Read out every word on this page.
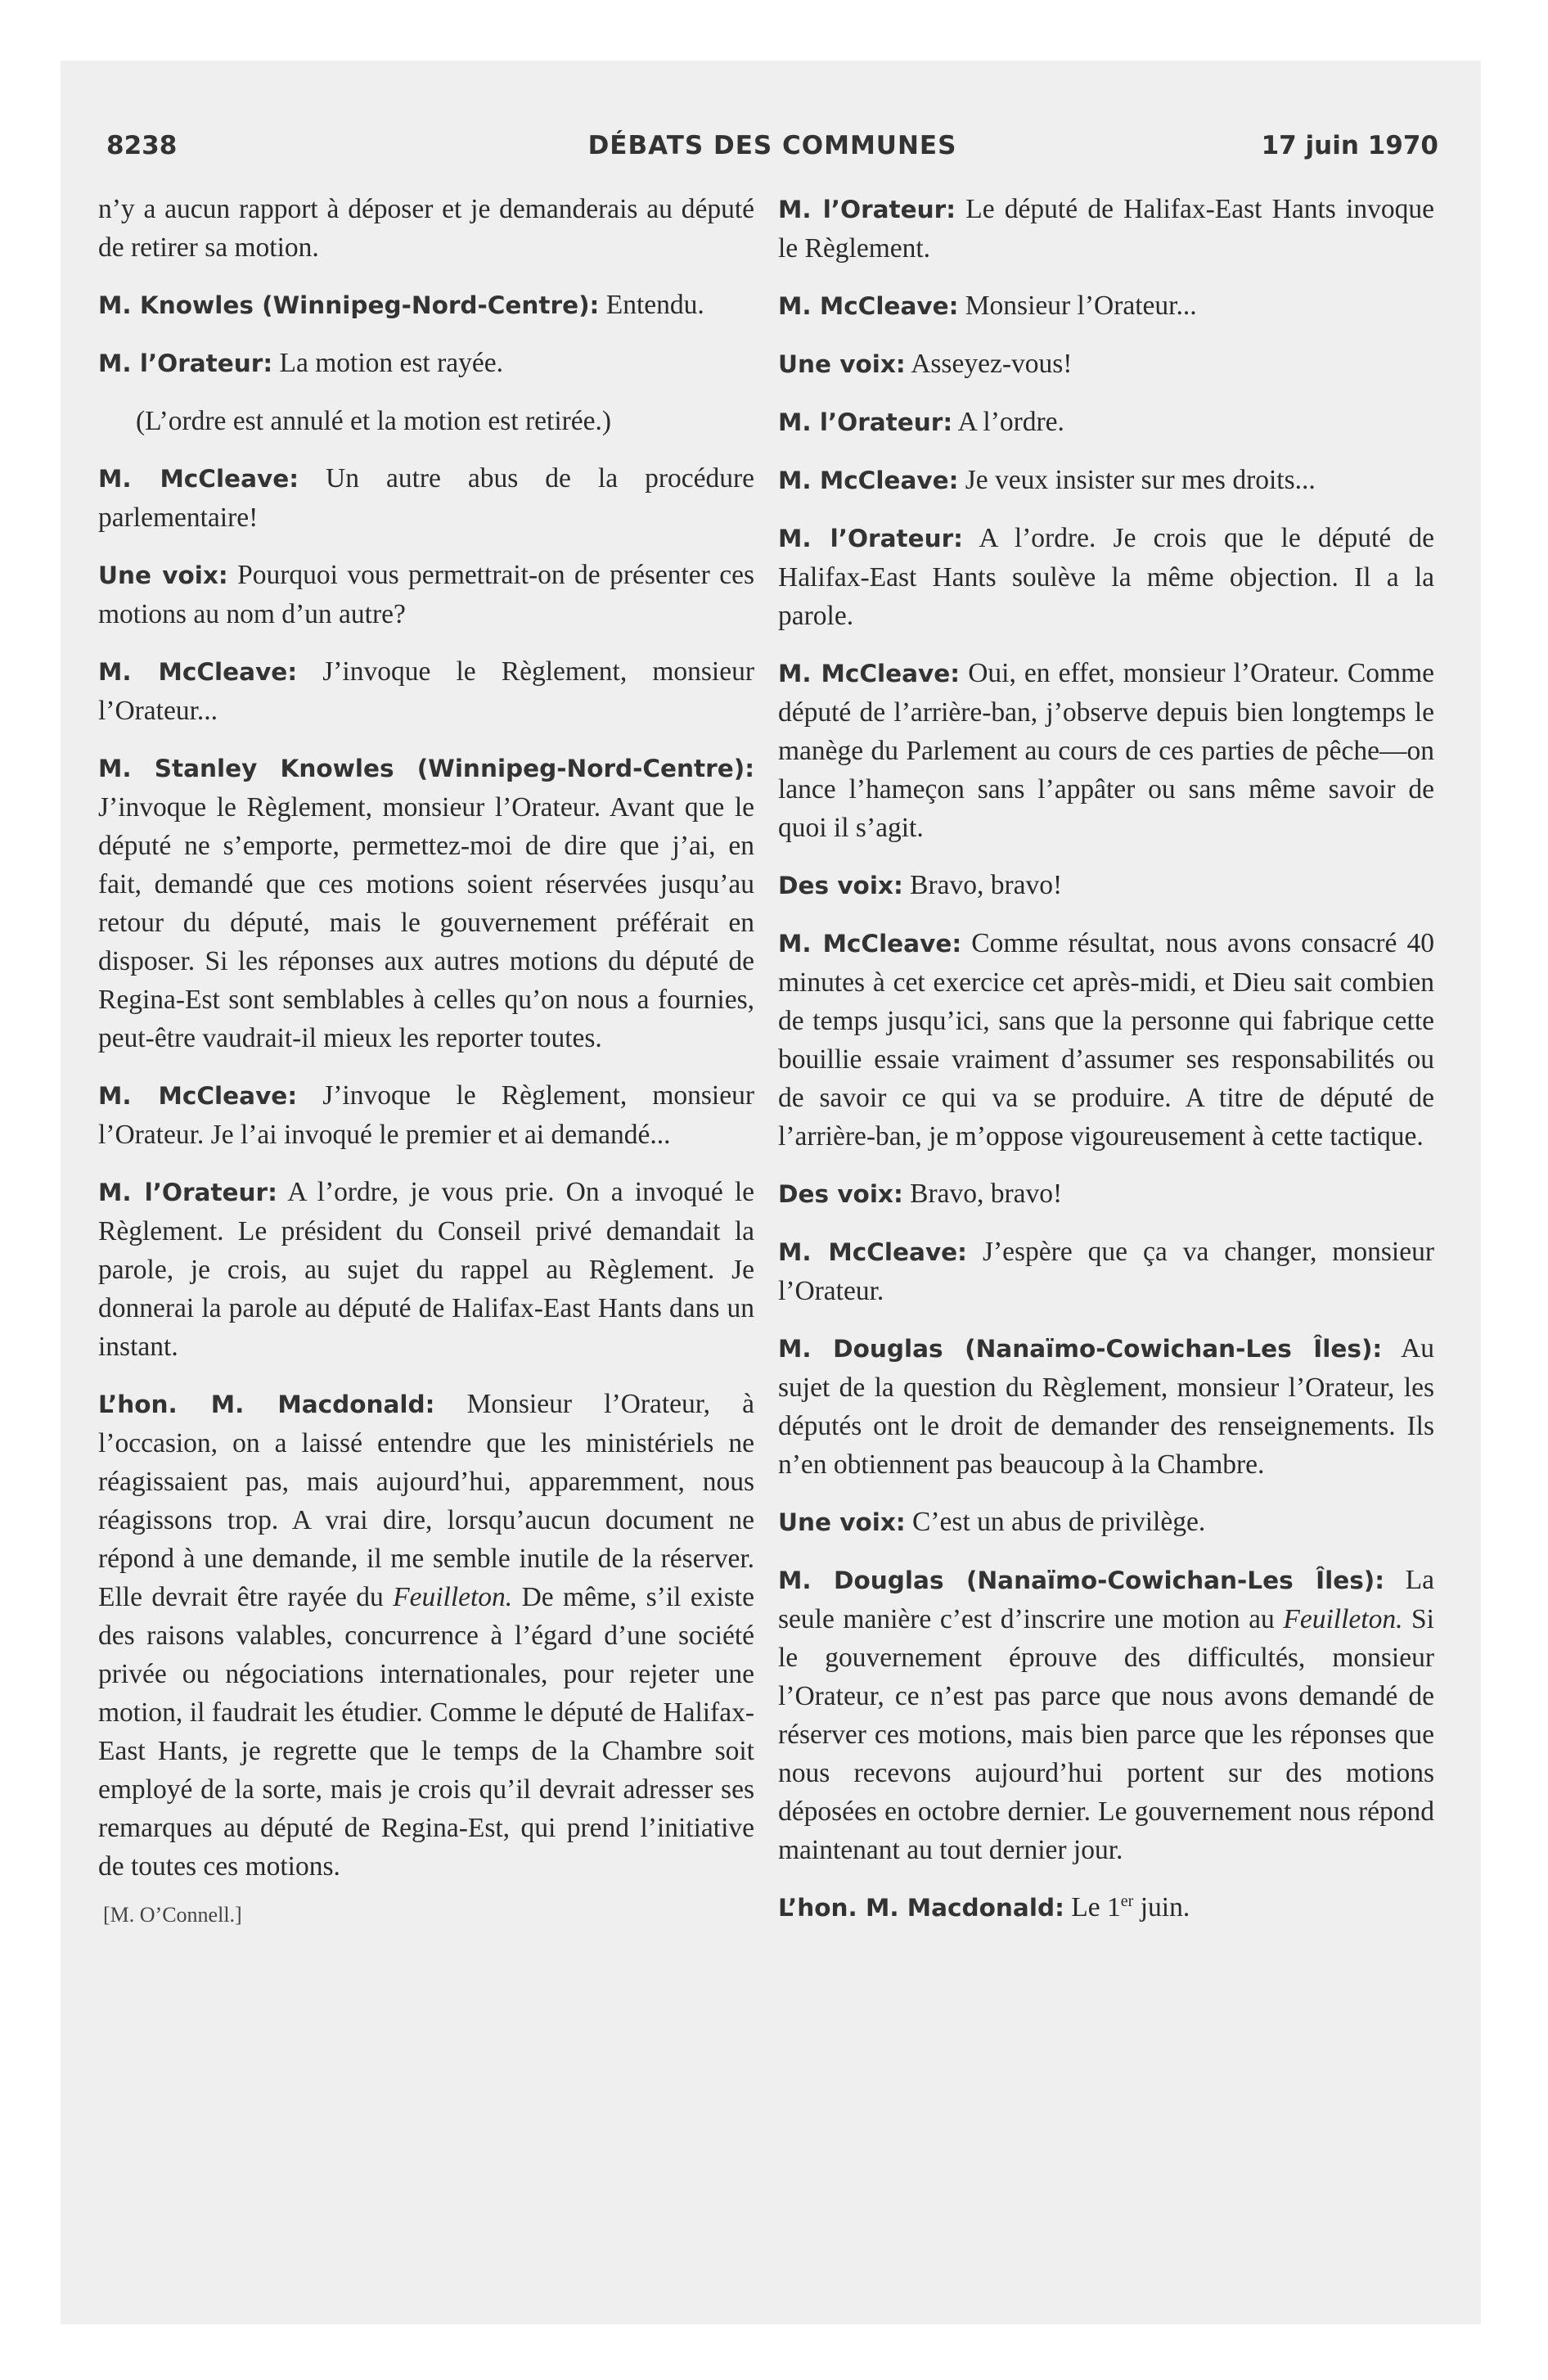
8238	DÉBATS DES COMMUNES	17 juin 1970

n’y a aucun rapport à déposer et je demanderais au député de retirer sa motion.

M. Knowles (Winnipeg-Nord-Centre): Entendu.

M. l’Orateur: La motion est rayée.

(L’ordre est annulé et la motion est retirée.)

M. McCleave: Un autre abus de la procédure parlementaire!

Une voix: Pourquoi vous permettrait-on de présenter ces motions au nom d’un autre?

M. McCleave: J’invoque le Règlement, monsieur l’Orateur...

M. Stanley Knowles (Winnipeg-Nord-Centre): J’invoque le Règlement, monsieur l’Orateur. Avant que le député ne s’emporte, permettez-moi de dire que j’ai, en fait, demandé que ces motions soient réservées jusqu’au retour du député, mais le gouvernement préférait en disposer. Si les réponses aux autres motions du député de Regina-Est sont semblables à celles qu’on nous a fournies, peut-être vaudrait-il mieux les reporter toutes.

M. McCleave: J’invoque le Règlement, monsieur l’Orateur. Je l’ai invoqué le premier et ai demandé...

M. l’Orateur: A l’ordre, je vous prie. On a invoqué le Règlement. Le président du Conseil privé demandait la parole, je crois, au sujet du rappel au Règlement. Je donnerai la parole au député de Halifax-East Hants dans un instant.

L’hon. M. Macdonald: Monsieur l’Orateur, à l’occasion, on a laissé entendre que les ministériels ne réagissaient pas, mais aujourd’hui, apparemment, nous réagissons trop. A vrai dire, lorsqu’aucun document ne répond à une demande, il me semble inutile de la réserver. Elle devrait être rayée du Feuilleton. De même, s’il existe des raisons valables, concurrence à l’égard d’une société privée ou négociations internationales, pour rejeter une motion, il faudrait les étudier. Comme le député de Halifax-East Hants, je regrette que le temps de la Chambre soit employé de la sorte, mais je crois qu’il devrait adresser ses remarques au député de Regina-Est, qui prend l’initiative de toutes ces motions.

[M. O’Connell.]

M. l’Orateur: Le député de Halifax-East Hants invoque le Règlement.

M. McCleave: Monsieur l’Orateur...

Une voix: Asseyez-vous!

M. l’Orateur: A l’ordre.

M. McCleave: Je veux insister sur mes droits...

M. l’Orateur: A l’ordre. Je crois que le député de Halifax-East Hants soulève la même objection. Il a la parole.

M. McCleave: Oui, en effet, monsieur l’Orateur. Comme député de l’arrière-ban, j’observe depuis bien longtemps le manège du Parlement au cours de ces parties de pêche—on lance l’hameçon sans l’appâter ou sans même savoir de quoi il s’agit.

Des voix: Bravo, bravo!

M. McCleave: Comme résultat, nous avons consacré 40 minutes à cet exercice cet après-midi, et Dieu sait combien de temps jusqu’ici, sans que la personne qui fabrique cette bouillie essaie vraiment d’assumer ses responsabilités ou de savoir ce qui va se produire. A titre de député de l’arrière-ban, je m’oppose vigoureusement à cette tactique.

Des voix: Bravo, bravo!

M. McCleave: J’espère que ça va changer, monsieur l’Orateur.

M. Douglas (Nanaïmo-Cowichan-Les Îles): Au sujet de la question du Règlement, monsieur l’Orateur, les députés ont le droit de demander des renseignements. Ils n’en obtiennent pas beaucoup à la Chambre.

Une voix: C’est un abus de privilège.

M. Douglas (Nanaïmo-Cowichan-Les Îles): La seule manière c’est d’inscrire une motion au Feuilleton. Si le gouvernement éprouve des difficultés, monsieur l’Orateur, ce n’est pas parce que nous avons demandé de réserver ces motions, mais bien parce que les réponses que nous recevons aujourd’hui portent sur des motions déposées en octobre dernier. Le gouvernement nous répond maintenant au tout dernier jour.

L’hon. M. Macdonald: Le 1er juin.
